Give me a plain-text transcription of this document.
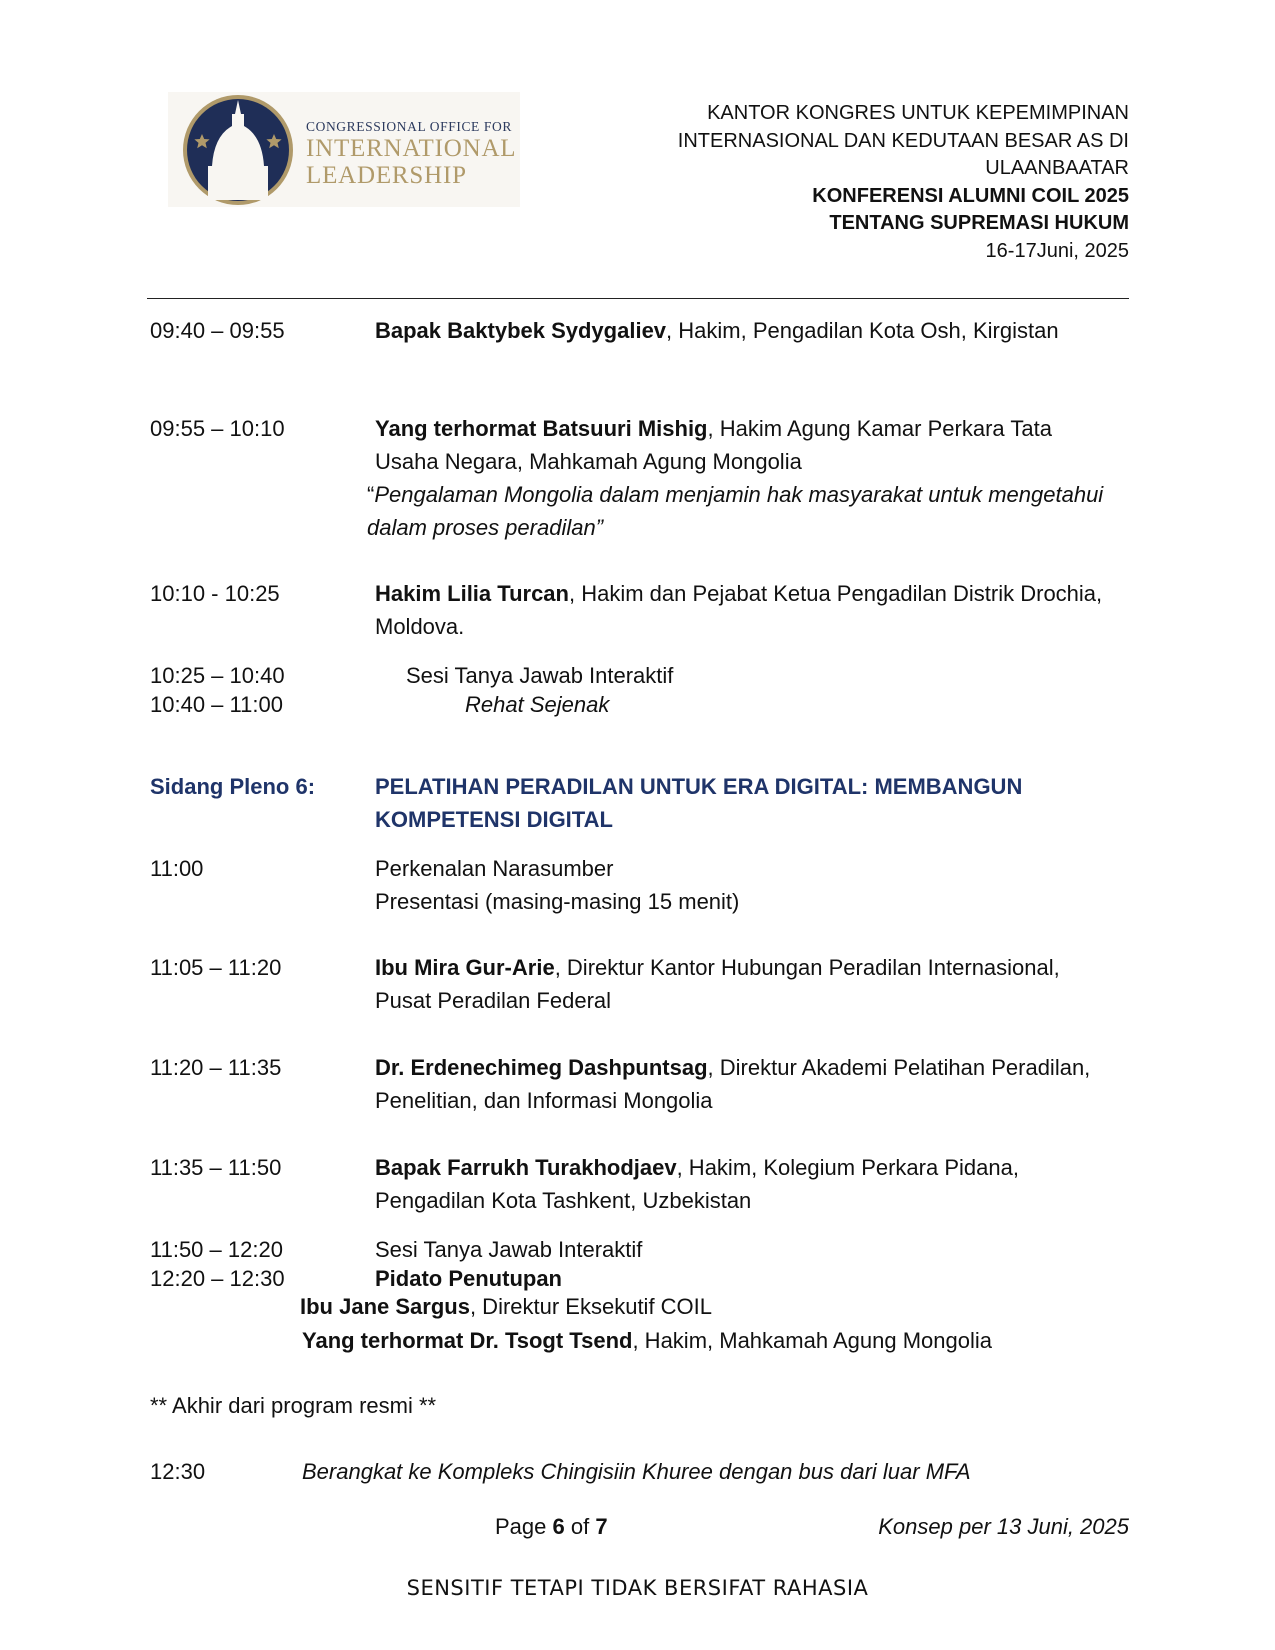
CONGRESSIONAL OFFICE FOR
INTERNATIONAL
LEADERSHIP
KANTOR KONGRES UNTUK KEPEMIMPINAN
INTERNASIONAL DAN KEDUTAAN BESAR AS DI
ULAANBAATAR
KONFERENSI ALUMNI COIL 2025
TENTANG SUPREMASI HUKUM
16-17Juni, 2025
09:40 – 09:55	Bapak Baktybek Sydygaliev, Hakim, Pengadilan Kota Osh, Kirgistan
09:55 – 10:10	Yang terhormat Batsuuri Mishig, Hakim Agung Kamar Perkara Tata Usaha Negara, Mahkamah Agung Mongolia
“Pengalaman Mongolia dalam menjamin hak masyarakat untuk mengetahui dalam proses peradilan”
10:10 - 10:25	Hakim Lilia Turcan, Hakim dan Pejabat Ketua Pengadilan Distrik Drochia, Moldova.
10:25 – 10:40	Sesi Tanya Jawab Interaktif
10:40 – 11:00	Rehat Sejenak
Sidang Pleno 6:	PELATIHAN PERADILAN UNTUK ERA DIGITAL: MEMBANGUN KOMPETENSI DIGITAL
11:00	Perkenalan Narasumber
Presentasi (masing-masing 15 menit)
11:05 – 11:20	Ibu Mira Gur-Arie, Direktur Kantor Hubungan Peradilan Internasional, Pusat Peradilan Federal
11:20 – 11:35	Dr. Erdenechimeg Dashpuntsag, Direktur Akademi Pelatihan Peradilan, Penelitian, dan Informasi Mongolia
11:35 – 11:50	Bapak Farrukh Turakhodjaev, Hakim, Kolegium Perkara Pidana, Pengadilan Kota Tashkent, Uzbekistan
11:50 – 12:20	Sesi Tanya Jawab Interaktif
12:20 – 12:30	Pidato Penutupan
Ibu Jane Sargus, Direktur Eksekutif COIL
Yang terhormat Dr. Tsogt Tsend, Hakim, Mahkamah Agung Mongolia
** Akhir dari program resmi **
12:30	Berangkat ke Kompleks Chingisiin Khuree dengan bus dari luar MFA
Page 6 of 7	Konsep per 13 Juni, 2025
SENSITIF TETAPI TIDAK BERSIFAT RAHASIA
